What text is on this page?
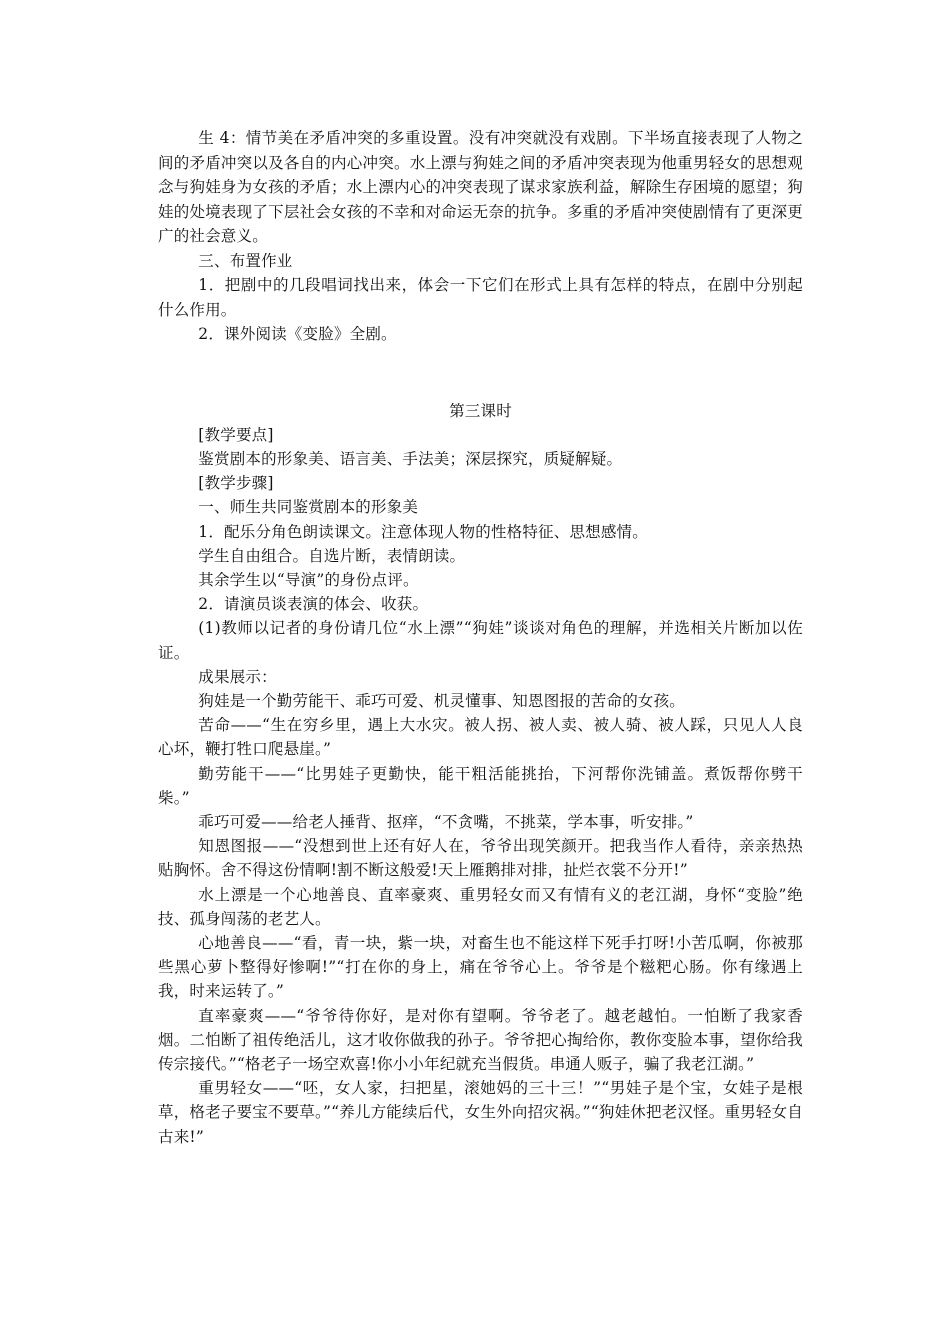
生 4：情节美在矛盾冲突的多重设置。没有冲突就没有戏剧。下半场直接表现了人物之间的矛盾冲突以及各自的内心冲突。水上漂与狗娃之间的矛盾冲突表现为他重男轻女的思想观念与狗娃身为女孩的矛盾；水上漂内心的冲突表现了谋求家族利益，解除生存困境的愿望；狗娃的处境表现了下层社会女孩的不幸和对命运无奈的抗争。多重的矛盾冲突使剧情有了更深更广的社会意义。

三、布置作业

1．把剧中的几段唱词找出来，体会一下它们在形式上具有怎样的特点，在剧中分别起什么作用。

2．课外阅读《变脸》全剧。

第三课时

[教学要点]

鉴赏剧本的形象美、语言美、手法美；深层探究，质疑解疑。

[教学步骤]

一、师生共同鉴赏剧本的形象美

1．配乐分角色朗读课文。注意体现人物的性格特征、思想感情。

学生自由组合。自选片断，表情朗读。

其余学生以“导演”的身份点评。

2．请演员谈表演的体会、收获。

(1)教师以记者的身份请几位“水上漂”“狗娃”谈谈对角色的理解，并选相关片断加以佐证。

成果展示：

狗娃是一个勤劳能干、乖巧可爱、机灵懂事、知恩图报的苦命的女孩。

苦命——“生在穷乡里，遇上大水灾。被人拐、被人卖、被人骑、被人踩，只见人人良心坏，鞭打牲口爬悬崖。”

勤劳能干——“比男娃子更勤快，能干粗活能挑抬，下河帮你洗铺盖。煮饭帮你劈干柴。”

乖巧可爱——给老人捶背、抠痒，“不贪嘴，不挑菜，学本事，听安排。”

知恩图报——“没想到世上还有好人在，爷爷出现笑颜开。把我当作人看待，亲亲热热贴胸怀。舍不得这份情啊!割不断这般爱!天上雁鹅排对排，扯烂衣裳不分开!”

水上漂是一个心地善良、直率豪爽、重男轻女而又有情有义的老江湖，身怀“变脸”绝技、孤身闯荡的老艺人。

心地善良——“看，青一块，紫一块，对畜生也不能这样下死手打呀!小苦瓜啊，你被那些黑心萝卜整得好惨啊!”“打在你的身上，痛在爷爷心上。爷爷是个糍粑心肠。你有缘遇上我，时来运转了。”

直率豪爽——“爷爷待你好，是对你有望啊。爷爷老了。越老越怕。一怕断了我家香烟。二怕断了祖传绝活儿，这才收你做我的孙子。爷爷把心掏给你，教你变脸本事，望你给我传宗接代。”“格老子一场空欢喜!你小小年纪就充当假货。串通人贩子，骗了我老江湖。”

重男轻女——“呸，女人家，扫把星，滚她妈的三十三！”“男娃子是个宝，女娃子是根草，格老子要宝不要草。”“养儿方能续后代，女生外向招灾祸。”“狗娃休把老汉怪。重男轻女自古来!”
